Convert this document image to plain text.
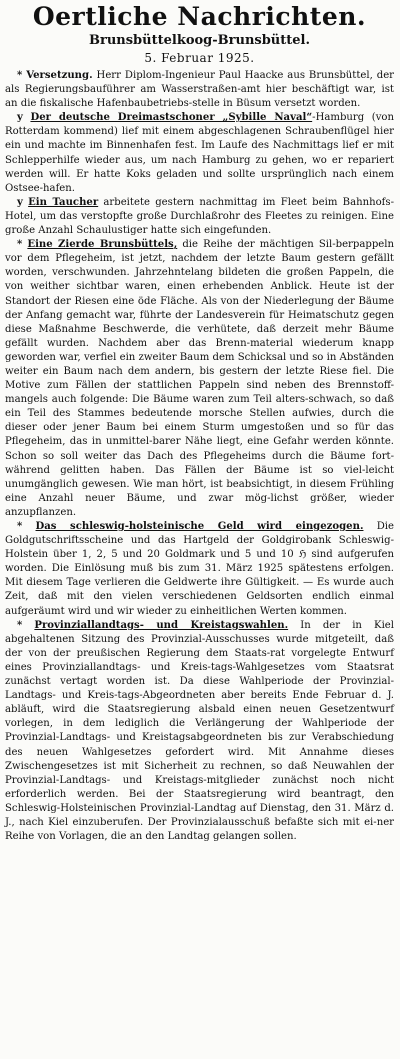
Oertliche Nachrichten.
Brunsbüttelkoog-Brunsbüttel.
5. Februar 1925.

* Versetzung. Herr Diplom-Ingenieur Paul Haacke aus Brunsbüttel, der als Regierungsbauführer am Wasserstraßen-amt hier beschäftigt war, ist an die fiskalische Hafenbaubetriebs-stelle in Büsum versetzt worden.

y Der deutsche Dreimastschoner „Sybille Naval“-Hamburg (von Rotterdam kommend) lief mit einem abgeschlagenen Schraubenflügel hier ein und machte im Binnenhafen fest. Im Laufe des Nachmittags lief er mit Schlepperhilfe wieder aus, um nach Hamburg zu gehen, wo er repariert werden will. Er hatte Koks geladen und sollte ursprünglich nach einem Ostsee-hafen.

y Ein Taucher arbeitete gestern nachmittag im Fleet beim Bahnhofs-Hotel, um das verstopfte große Durchlaßrohr des Fleetes zu reinigen. Eine große Anzahl Schaulustiger hatte sich eingefunden.

* Eine Zierde Brunsbüttels, die Reihe der mächtigen Sil-berpappeln vor dem Pflegeheim, ist jetzt, nachdem der letzte Baum gestern gefällt worden, verschwunden. Jahrzehntelang bildeten die großen Pappeln, die von weither sichtbar waren, einen erhebenden Anblick. Heute ist der Standort der Riesen eine öde Fläche. Als von der Niederlegung der Bäume der Anfang gemacht war, führte der Landesverein für Heimatschutz gegen diese Maßnahme Beschwerde, die verhütete, daß derzeit mehr Bäume gefällt wurden. Nachdem aber das Brenn-material wiederum knapp geworden war, verfiel ein zweiter Baum dem Schicksal und so in Abständen weiter ein Baum nach dem andern, bis gestern der letzte Riese fiel. Die Motive zum Fällen der stattlichen Pappeln sind neben des Brennstoff-mangels auch folgende: Die Bäume waren zum Teil alters-schwach, so daß ein Teil des Stammes bedeutende morsche Stellen aufwies, durch die dieser oder jener Baum bei einem Sturm umgestoßen und so für das Pflegeheim, das in unmittel-barer Nähe liegt, eine Gefahr werden könnte. Schon so soll weiter das Dach des Pflegeheims durch die Bäume fort-während gelitten haben. Das Fällen der Bäume ist so viel-leicht unumgänglich gewesen. Wie man hört, ist beabsichtigt, in diesem Frühling eine Anzahl neuer Bäume, und zwar mög-lichst größer, wieder anzupflanzen.

* Das schleswig-holsteinische Geld wird eingezogen. Die Goldgutschriftsscheine und das Hartgeld der Goldgirobank Schleswig-Holstein über 1, 2, 5 und 20 Goldmark und 5 und 10 ℌ sind aufgerufen worden. Die Einlösung muß bis zum 31. März 1925 spätestens erfolgen. Mit diesem Tage verlieren die Geldwerte ihre Gültigkeit. — Es wurde auch Zeit, daß mit den vielen verschiedenen Geldsorten endlich einmal aufgeräumt wird und wir wieder zu einheitlichen Werten kommen.

* Provinziallandtags- und Kreistagswahlen. In der in Kiel abgehaltenen Sitzung des Provinzial-Ausschusses wurde mitgeteilt, daß der von der preußischen Regierung dem Staats-rat vorgelegte Entwurf eines Provinziallandtags- und Kreis-tags-Wahlgesetzes vom Staatsrat zunächst vertagt worden ist. Da diese Wahlperiode der Provinzial-Landtags- und Kreis-tags-Abgeordneten aber bereits Ende Februar d. J. abläuft, wird die Staatsregierung alsbald einen neuen Gesetzentwurf vorlegen, in dem lediglich die Verlängerung der Wahlperiode der Provinzial-Landtags- und Kreistagsabgeordneten bis zur Verabschiedung des neuen Wahlgesetzes gefordert wird. Mit Annahme dieses Zwischengesetzes ist mit Sicherheit zu rechnen, so daß Neuwahlen der Provinzial-Landtags- und Kreistags-mitglieder zunächst noch nicht erforderlich werden. Bei der Staatsregierung wird beantragt, den Schleswig-Holsteinischen Provinzial-Landtag auf Dienstag, den 31. März d. J., nach Kiel einzuberufen. Der Provinzialausschuß befaßte sich mit ei-ner Reihe von Vorlagen, die an den Landtag gelangen sollen.
